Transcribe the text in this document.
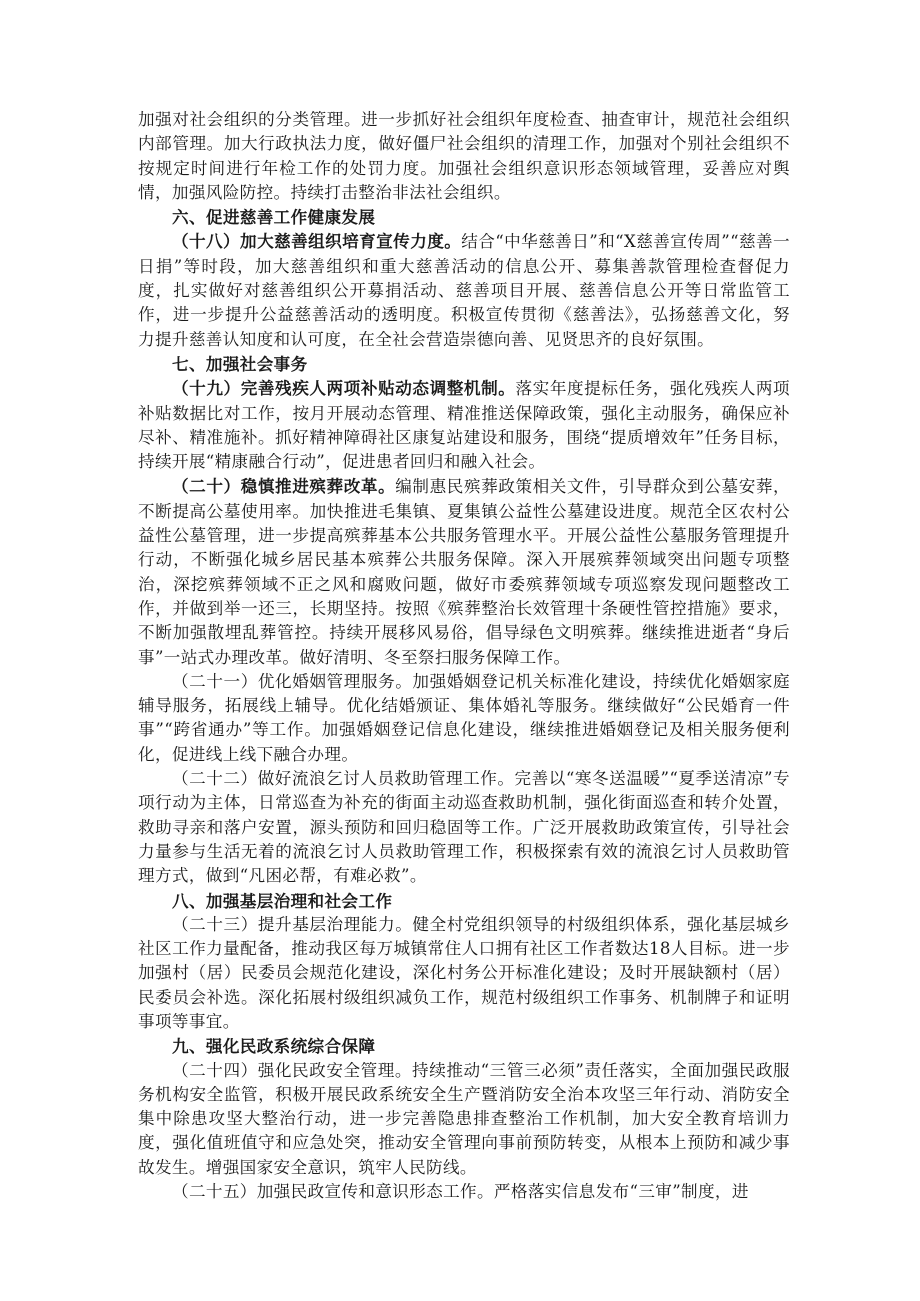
加强对社会组织的分类管理。进一步抓好社会组织年度检查、抽查审计，规范社会组织内部管理。加大行政执法力度，做好僵尸社会组织的清理工作，加强对个别社会组织不按规定时间进行年检工作的处罚力度。加强社会组织意识形态领域管理，妥善应对舆情，加强风险防控。持续打击整治非法社会组织。

六、促进慈善工作健康发展

（十八）加大慈善组织培育宣传力度。结合“中华慈善日”和“X慈善宣传周”“慈善一日捐”等时段，加大慈善组织和重大慈善活动的信息公开、募集善款管理检查督促力度，扎实做好对慈善组织公开募捐活动、慈善项目开展、慈善信息公开等日常监管工作，进一步提升公益慈善活动的透明度。积极宣传贯彻《慈善法》，弘扬慈善文化，努力提升慈善认知度和认可度，在全社会营造崇德向善、见贤思齐的良好氛围。

七、加强社会事务

（十九）完善残疾人两项补贴动态调整机制。落实年度提标任务，强化残疾人两项补贴数据比对工作，按月开展动态管理、精准推送保障政策，强化主动服务，确保应补尽补、精准施补。抓好精神障碍社区康复站建设和服务，围绕“提质增效年”任务目标，持续开展“精康融合行动”，促进患者回归和融入社会。

（二十）稳慎推进殡葬改革。编制惠民殡葬政策相关文件，引导群众到公墓安葬，不断提高公墓使用率。加快推进毛集镇、夏集镇公益性公墓建设进度。规范全区农村公益性公墓管理，进一步提高殡葬基本公共服务管理水平。开展公益性公墓服务管理提升行动，不断强化城乡居民基本殡葬公共服务保障。深入开展殡葬领域突出问题专项整治，深挖殡葬领域不正之风和腐败问题，做好市委殡葬领域专项巡察发现问题整改工作，并做到举一还三，长期坚持。按照《殡葬整治长效管理十条硬性管控措施》要求，不断加强散埋乱葬管控。持续开展移风易俗，倡导绿色文明殡葬。继续推进逝者“身后事”一站式办理改革。做好清明、冬至祭扫服务保障工作。

（二十一）优化婚姻管理服务。加强婚姻登记机关标准化建设，持续优化婚姻家庭辅导服务，拓展线上辅导。优化结婚颁证、集体婚礼等服务。继续做好“公民婚育一件事”“跨省通办”等工作。加强婚姻登记信息化建设，继续推进婚姻登记及相关服务便利化，促进线上线下融合办理。

（二十二）做好流浪乞讨人员救助管理工作。完善以“寒冬送温暖”“夏季送清凉”专项行动为主体，日常巡查为补充的街面主动巡查救助机制，强化街面巡查和转介处置，救助寻亲和落户安置，源头预防和回归稳固等工作。广泛开展救助政策宣传，引导社会力量参与生活无着的流浪乞讨人员救助管理工作，积极探索有效的流浪乞讨人员救助管理方式，做到“凡困必帮，有难必救”。

八、加强基层治理和社会工作

（二十三）提升基层治理能力。健全村党组织领导的村级组织体系，强化基层城乡社区工作力量配备，推动我区每万城镇常住人口拥有社区工作者数达18人目标。进一步加强村（居）民委员会规范化建设，深化村务公开标准化建设；及时开展缺额村（居）民委员会补选。深化拓展村级组织减负工作，规范村级组织工作事务、机制牌子和证明事项等事宜。

九、强化民政系统综合保障

（二十四）强化民政安全管理。持续推动“三管三必须”责任落实，全面加强民政服务机构安全监管，积极开展民政系统安全生产暨消防安全治本攻坚三年行动、消防安全集中除患攻坚大整治行动，进一步完善隐患排查整治工作机制，加大安全教育培训力度，强化值班值守和应急处突，推动安全管理向事前预防转变，从根本上预防和减少事故发生。增强国家安全意识，筑牢人民防线。

（二十五）加强民政宣传和意识形态工作。严格落实信息发布“三审”制度，进
